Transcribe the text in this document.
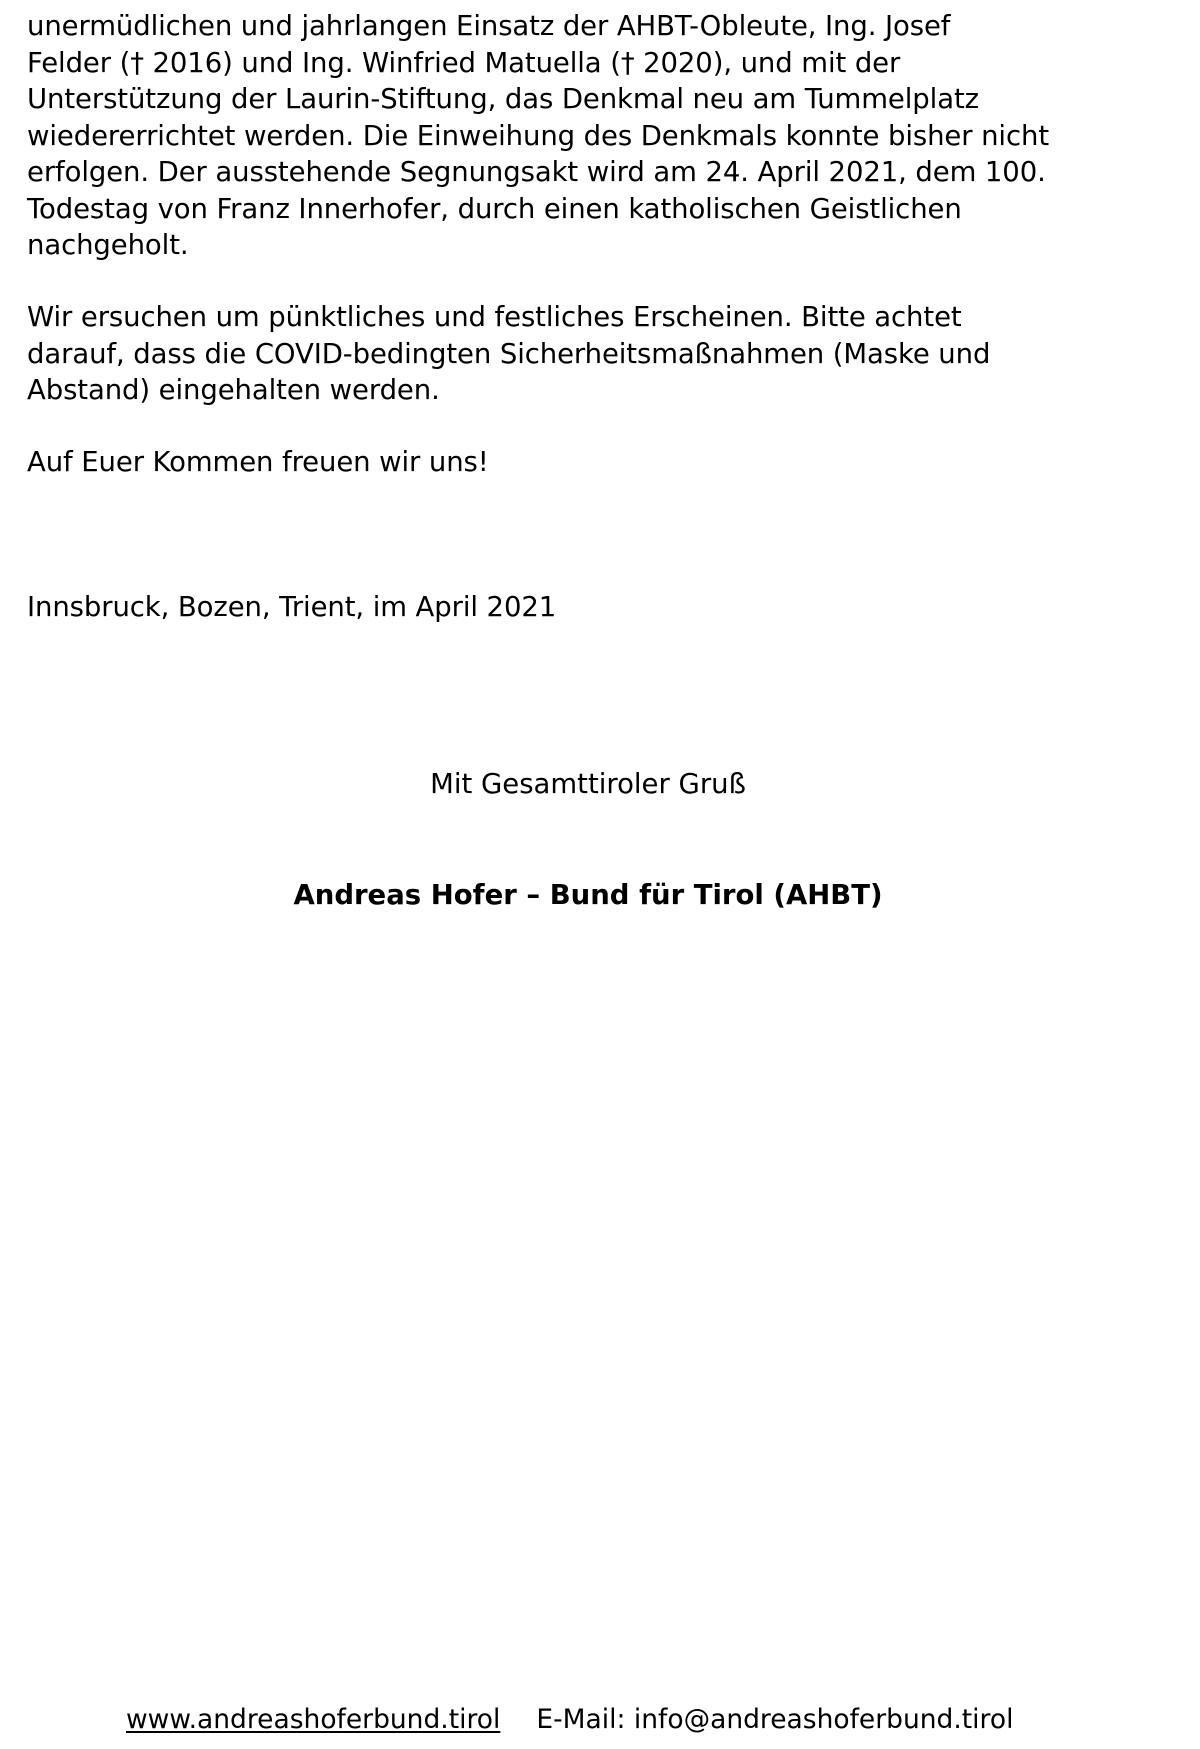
unermüdlichen und jahrlangen Einsatz der AHBT-Obleute, Ing. Josef
Felder († 2016) und Ing. Winfried Matuella († 2020), und mit der
Unterstützung der Laurin-Stiftung, das Denkmal neu am Tummelplatz
wiedererrichtet werden. Die Einweihung des Denkmals konnte bisher nicht
erfolgen. Der ausstehende Segnungsakt wird am 24. April 2021, dem 100.
Todestag von Franz Innerhofer, durch einen katholischen Geistlichen
nachgeholt.

Wir ersuchen um pünktliches und festliches Erscheinen. Bitte achtet
darauf, dass die COVID-bedingten Sicherheitsmaßnahmen (Maske und
Abstand) eingehalten werden.

Auf Euer Kommen freuen wir uns!

Innsbruck, Bozen, Trient, im April 2021

Mit Gesamttiroler Gruß

Andreas Hofer – Bund für Tirol (AHBT)

www.andreashoferbund.tirol E-Mail: info@andreashoferbund.tirol
